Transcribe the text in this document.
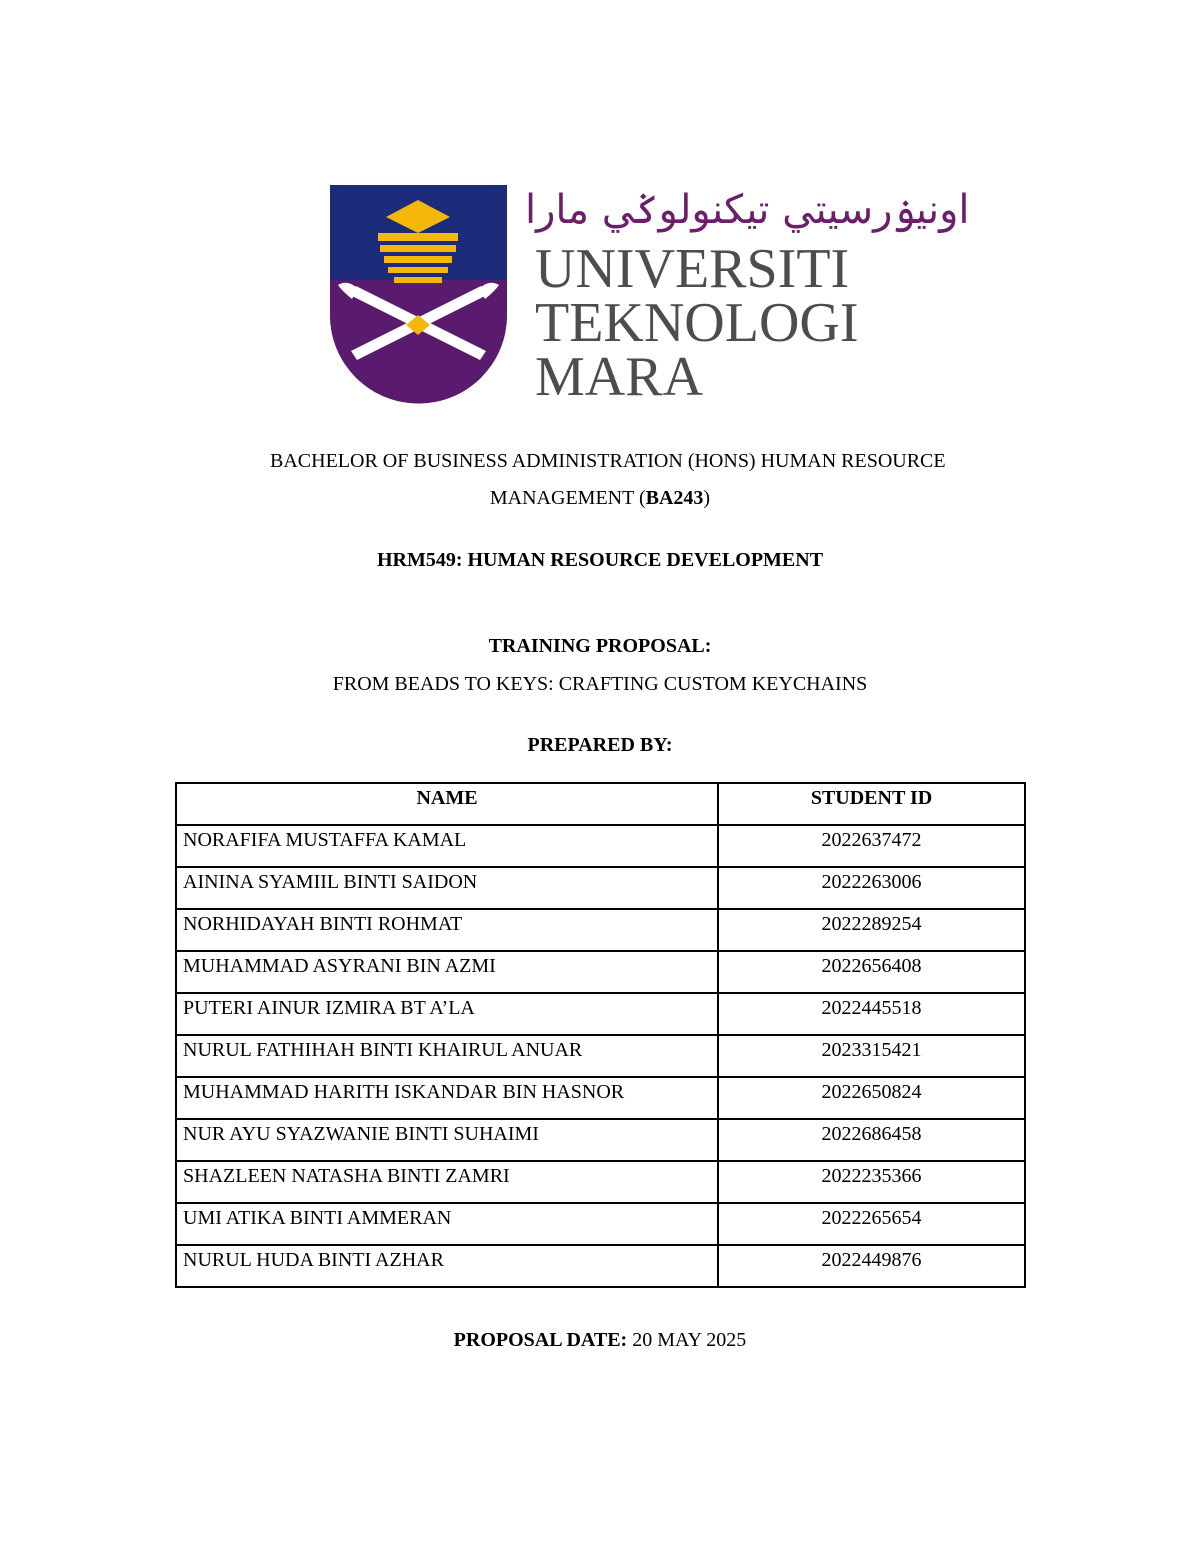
اونيۏرسيتي تيكنولوݢي مارا
UNIVERSITI
TEKNOLOGI
MARA
BACHELOR OF BUSINESS ADMINISTRATION (HONS) HUMAN RESOURCE
MANAGEMENT (BA243)
HRM549: HUMAN RESOURCE DEVELOPMENT
TRAINING PROPOSAL:
FROM BEADS TO KEYS: CRAFTING CUSTOM KEYCHAINS
PREPARED BY:
NAME	STUDENT ID
NORAFIFA MUSTAFFA KAMAL	2022637472
AININA SYAMIIL BINTI SAIDON	2022263006
NORHIDAYAH BINTI ROHMAT	2022289254
MUHAMMAD ASYRANI BIN AZMI	2022656408
PUTERI AINUR IZMIRA BT A’LA	2022445518
NURUL FATHIHAH BINTI KHAIRUL ANUAR	2023315421
MUHAMMAD HARITH ISKANDAR BIN HASNOR	2022650824
NUR AYU SYAZWANIE BINTI SUHAIMI	2022686458
SHAZLEEN NATASHA BINTI ZAMRI	2022235366
UMI ATIKA BINTI AMMERAN	2022265654
NURUL HUDA BINTI AZHAR	2022449876
PROPOSAL DATE: 20 MAY 2025
